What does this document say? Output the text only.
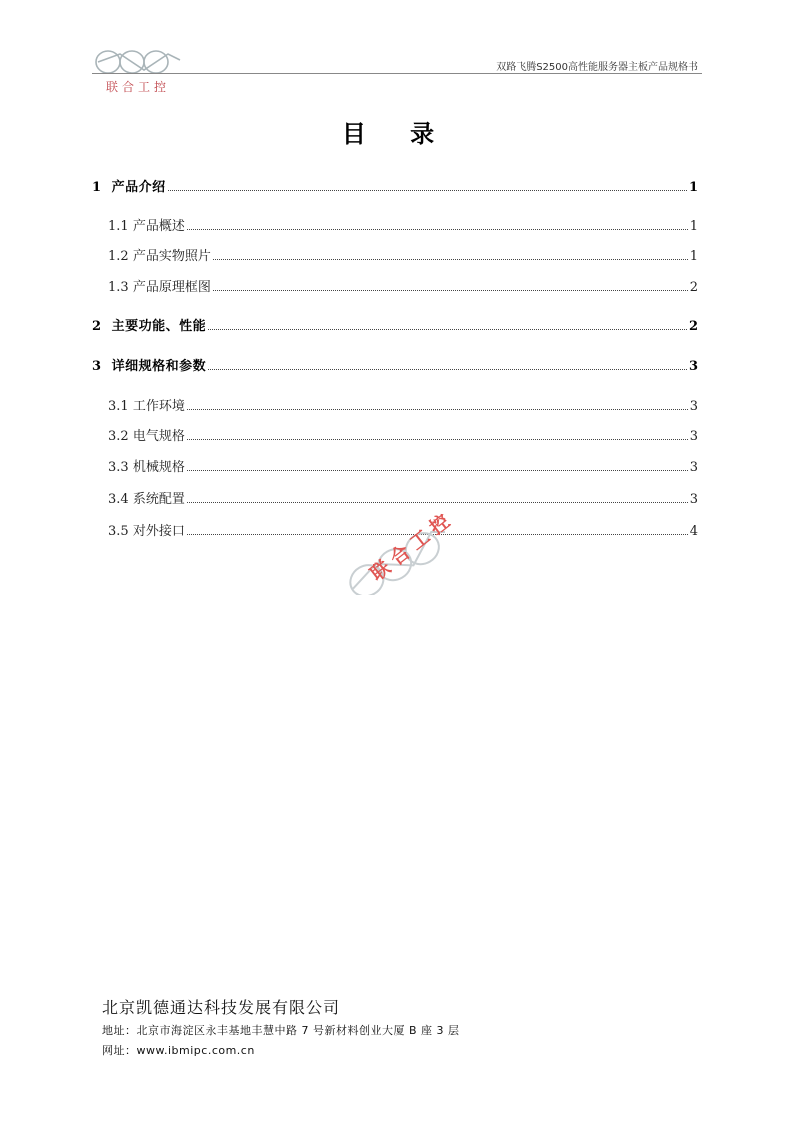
联合工控
双路飞腾S2500高性能服务器主板产品规格书
目 录
1 产品介绍	1
1.1 产品概述	1
1.2 产品实物照片	1
1.3 产品原理框图	2
2 主要功能、性能	2
3 详细规格和参数	3
3.1 工作环境	3
3.2 电气规格	3
3.3 机械规格	3
3.4 系统配置	3
3.5 对外接口	4
联合工控
北京凯德通达科技发展有限公司
地址：北京市海淀区永丰基地丰慧中路 7 号新材料创业大厦 B 座 3 层
网址：www.ibmipc.com.cn
